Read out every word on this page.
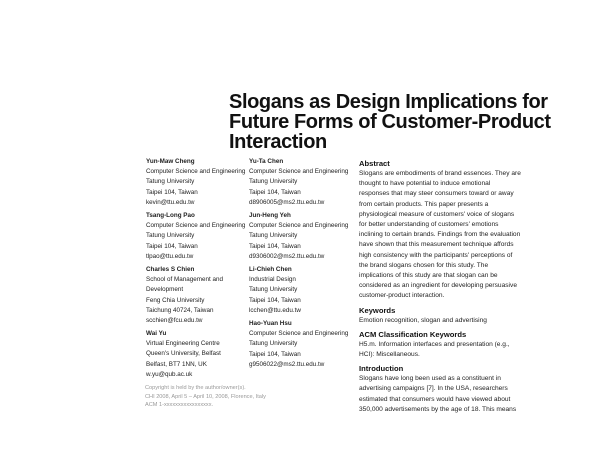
Slogans as Design Implications for
Future Forms of Customer-Product
Interaction
Yun-Maw Cheng
Computer Science and Engineering
Tatung University
Taipei 104, Taiwan
kevin@ttu.edu.tw
Tsang-Long Pao
Computer Science and Engineering
Tatung University
Taipei 104, Taiwan
tlpao@ttu.edu.tw
Charles S Chien
School of Management and
Development
Feng Chia University
Taichung 40724, Taiwan
scchien@fcu.edu.tw
Wai Yu
Virtual Engineering Centre
Queen's University, Belfast
Belfast, BT7 1NN, UK
w.yu@qub.ac.uk
Yu-Ta Chen
Computer Science and Engineering
Tatung University
Taipei 104, Taiwan
d8906005@ms2.ttu.edu.tw
Jun-Heng Yeh
Computer Science and Engineering
Tatung University
Taipei 104, Taiwan
d9306002@ms2.ttu.edu.tw
Li-Chieh Chen
Industrial Design
Tatung University
Taipei 104, Taiwan
lcchen@ttu.edu.tw
Hao-Yuan Hsu
Computer Science and Engineering
Tatung University
Taipei 104, Taiwan
g9506022@ms2.ttu.edu.tw
Copyright is held by the author/owner(s).
CHI 2008, April 5 – April 10, 2008, Florence, Italy
ACM 1-xxxxxxxxxxxxxxxxx.
Abstract
Slogans are embodiments of brand essences. They are
thought to have potential to induce emotional
responses that may steer consumers toward or away
from certain products. This paper presents a
physiological measure of customers' voice of slogans
for better understanding of customers' emotions
inclining to certain brands. Findings from the evaluation
have shown that this measurement technique affords
high consistency with the participants' perceptions of
the brand slogans chosen for this study. The
implications of this study are that slogan can be
considered as an ingredient for developing persuasive
customer-product interaction.
Keywords
Emotion recognition, slogan and advertising
ACM Classification Keywords
H5.m. Information interfaces and presentation (e.g.,
HCI): Miscellaneous.
Introduction
Slogans have long been used as a constituent in
advertising campaigns [7]. In the USA, researchers
estimated that consumers would have viewed about
350,000 advertisements by the age of 18. This means
